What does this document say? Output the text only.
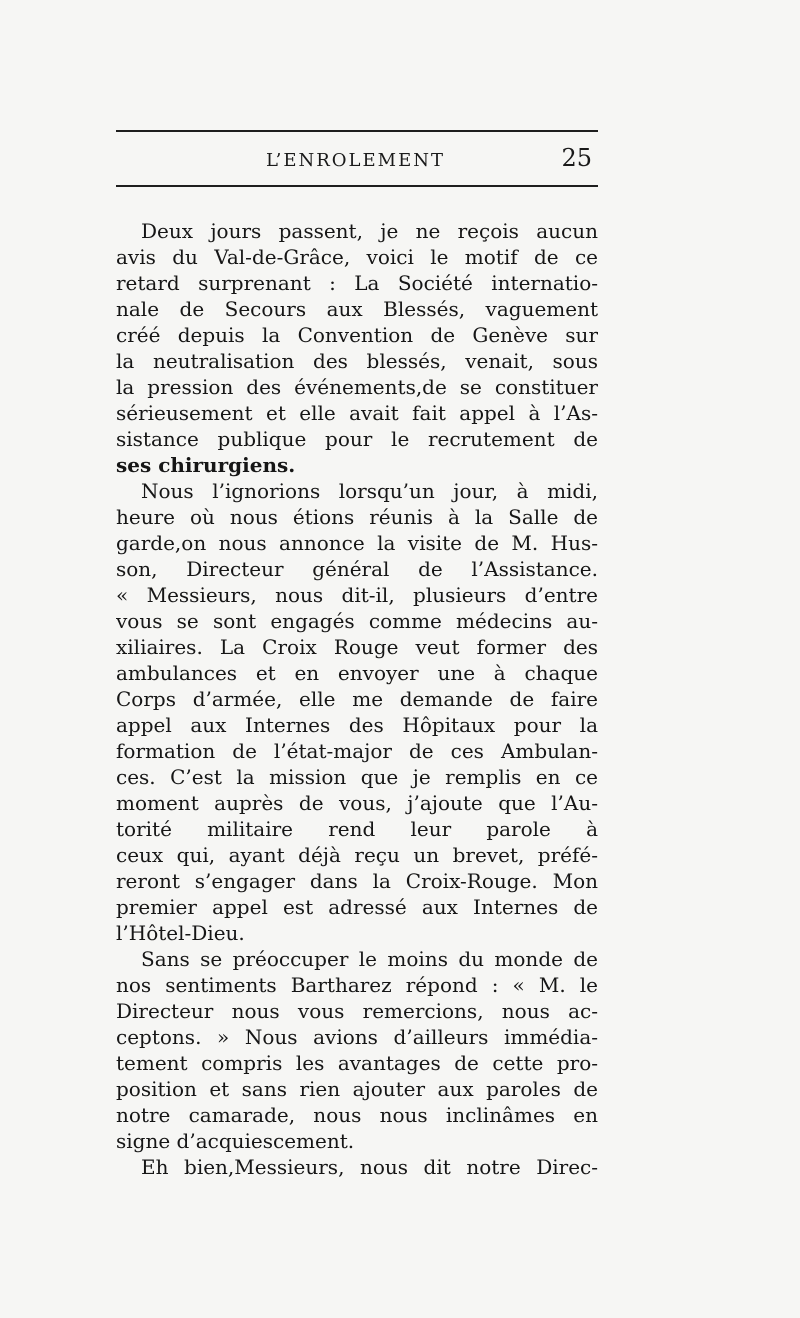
L’ENROLEMENT	25
Deux jours passent, je ne reçois aucun
avis du Val-de-Grâce, voici le motif de ce
retard surprenant : La Société internatio-
nale de Secours aux Blessés, vaguement
créé depuis la Convention de Genève sur
la neutralisation des blessés, venait, sous
la pression des événements,de se constituer
sérieusement et elle avait fait appel à l’As-
sistance publique pour le recrutement de
ses chirurgiens.
Nous l’ignorions lorsqu’un jour, à midi,
heure où nous étions réunis à la Salle de
garde,on nous annonce la visite de M. Hus-
son, Directeur général de l’Assistance.
« Messieurs, nous dit-il, plusieurs d’entre
vous se sont engagés comme médecins au-
xiliaires. La Croix Rouge veut former des
ambulances et en envoyer une à chaque
Corps d’armée, elle me demande de faire
appel aux Internes des Hôpitaux pour la
formation de l’état-major de ces Ambulan-
ces. C’est la mission que je remplis en ce
moment auprès de vous, j’ajoute que l’Au-
torité militaire rend leur parole à
ceux qui, ayant déjà reçu un brevet, préfé-
reront s’engager dans la Croix-Rouge. Mon
premier appel est adressé aux Internes de
l’Hôtel-Dieu.
Sans se préoccuper le moins du monde de
nos sentiments Bartharez répond : « M. le
Directeur nous vous remercions, nous ac-
ceptons. » Nous avions d’ailleurs immédia-
tement compris les avantages de cette pro-
position et sans rien ajouter aux paroles de
notre camarade, nous nous inclinâmes en
signe d’acquiescement.
Eh bien,Messieurs, nous dit notre Direc-
